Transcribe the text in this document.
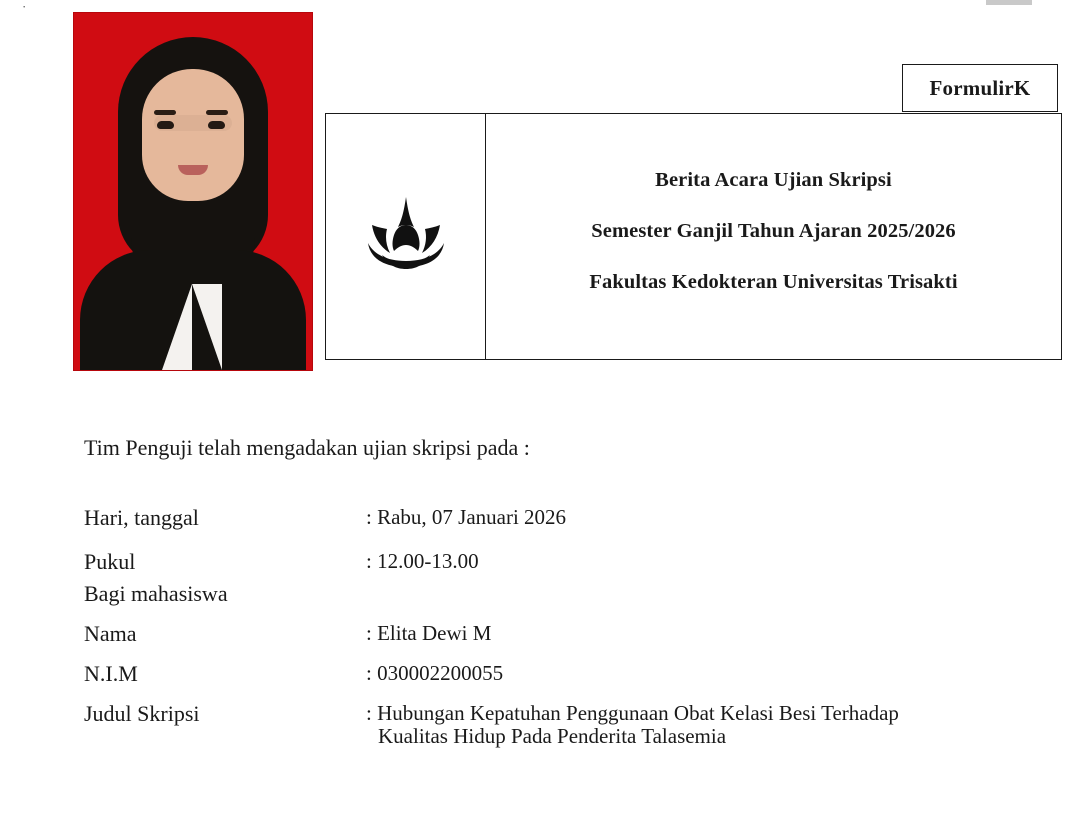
·
FormulirK
Berita Acara Ujian Skripsi
Semester Ganjil Tahun Ajaran 2025/2026
Fakultas Kedokteran Universitas Trisakti
Tim Penguji telah mengadakan ujian skripsi pada :
Hari, tanggal	: Rabu, 07 Januari 2026
Pukul	: 12.00-13.00
Bagi mahasiswa
Nama	: Elita Dewi M
N.I.M	: 030002200055
Judul Skripsi	: Hubungan Kepatuhan Penggunaan Obat Kelasi Besi Terhadap
Kualitas Hidup Pada Penderita Talasemia
